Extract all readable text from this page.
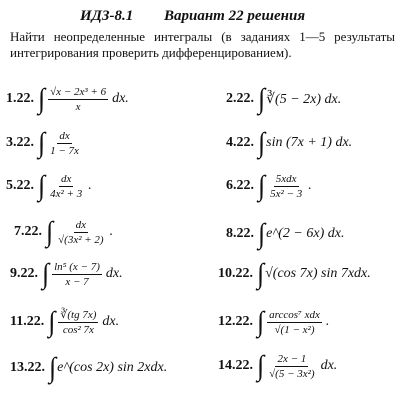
ИДЗ-8.1 Вариант 22 решения
Найти неопределенные интегралы (в заданиях 1—5 результаты интегрирования проверить дифференцированием).
1.22. ∫ $\frac{\text{√x − 2x³ + 6}}{x}$ dx.	2.22. ∫ ∛(5 − 2x) dx.
3.22. ∫ $\frac{dx}{1 - 7x}$	4.22. ∫ sin (7x + 1) dx.
5.22. ∫ $\frac{dx}{\text{4x² + 3}}$ .	6.22. ∫ $\frac{\text{5xdx}}{\text{5x² − 3}}$ .
7.22. ∫ $\frac{dx}{\text{√(3x² + 2)}}$ .	8.22. ∫ e^(2 − 6x) dx.
9.22. ∫ $\frac{\text{ln⁵ (x − 7)}}{x - 7}$ dx.	10.22. ∫ √(cos 7x) sin 7xdx.
11.22. ∫ $\frac{∛(tg 7x)}{\text{cos² 7x}}$ dx.	12.22. ∫ $\frac{\text{arccos⁷ xdx}}{\text{√(1 − x²)}}$ .
13.22. ∫ e^(cos 2x) sin 2xdx.	14.22. ∫ $\frac{2x - 1}{\text{√(5 − 3x²)}}$ dx.
